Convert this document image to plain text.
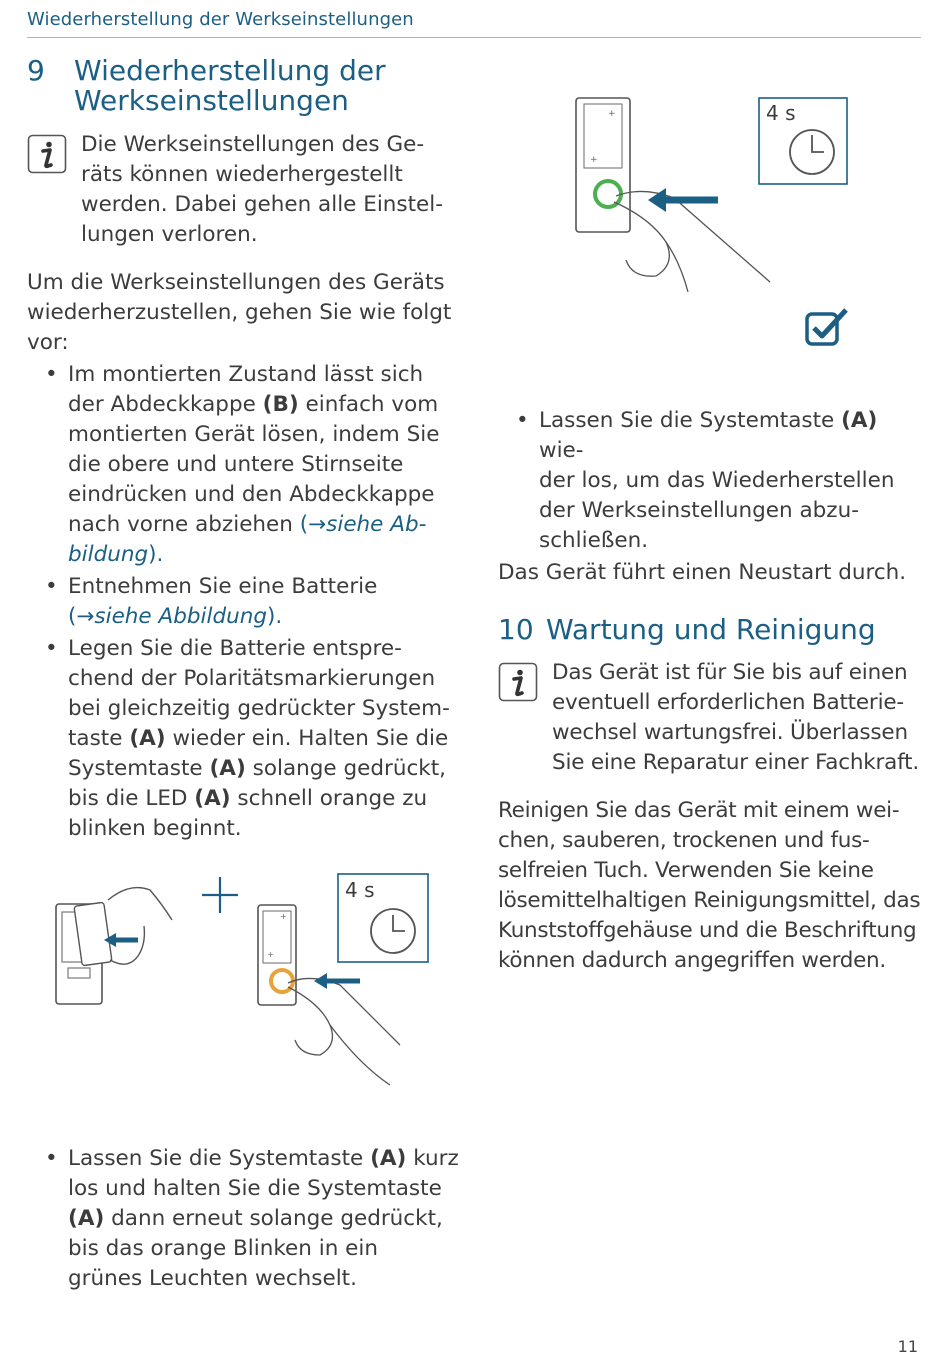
Wiederherstellung der Werkseinstellungen
9	Wiederherstellung der
Werkseinstellungen

Die Werkseinstellungen des Ge-
räts können wiederhergestellt
werden. Dabei gehen alle Einstel-
lungen verloren.

Um die Werkseinstellungen des Geräts
wiederherzustellen, gehen Sie wie folgt
vor:

• Im montierten Zustand lässt sich
der Abdeckkappe (B) einfach vom
montierten Gerät lösen, indem Sie
die obere und untere Stirnseite
eindrücken und den Abdeckkappe
nach vorne abziehen (→siehe Ab-
bildung).
• Entnehmen Sie eine Batterie
(→siehe Abbildung).
• Legen Sie die Batterie entspre-
chend der Polaritätsmarkierungen
bei gleichzeitig gedrückter System-
taste (A) wieder ein. Halten Sie die
Systemtaste (A) solange gedrückt,
bis die LED (A) schnell orange zu
blinken beginnt.
+
+
4 s
• Lassen Sie die Systemtaste (A) kurz
los und halten Sie die Systemtaste
(A) dann erneut solange gedrückt,
bis das orange Blinken in ein
grünes Leuchten wechselt.
+
+
4 s
• Lassen Sie die Systemtaste (A) wie-
der los, um das Wiederherstellen
der Werkseinstellungen abzu-
schließen.

Das Gerät führt einen Neustart durch.

10 Wartung und Reinigung

Das Gerät ist für Sie bis auf einen
eventuell erforderlichen Batterie-
wechsel wartungsfrei. Überlassen
Sie eine Reparatur einer Fachkraft.

Reinigen Sie das Gerät mit einem wei-
chen, sauberen, trockenen und fus-
selfreien Tuch. Verwenden Sie keine
lösemittelhaltigen Reinigungsmittel, das
Kunststoffgehäuse und die Beschriftung
können dadurch angegriffen werden.

11
